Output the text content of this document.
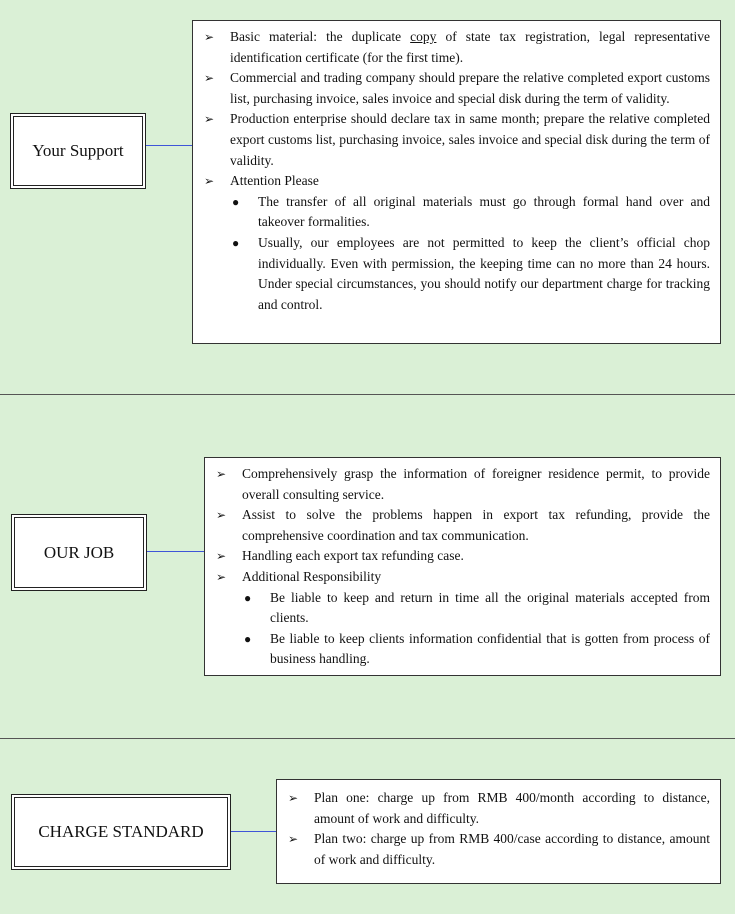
Your Support
➢ Basic material: the duplicate copy of state tax registration, legal representative identification certificate (for the first time).
➢ Commercial and trading company should prepare the relative completed export customs list, purchasing invoice, sales invoice and special disk during the term of validity.
➢ Production enterprise should declare tax in same month; prepare the relative completed export customs list, purchasing invoice, sales invoice and special disk during the term of validity.
➢ Attention Please
● The transfer of all original materials must go through formal hand over and takeover formalities.
● Usually, our employees are not permitted to keep the client’s official chop individually. Even with permission, the keeping time can no more than 24 hours. Under special circumstances, you should notify our department charge for tracking and control.
OUR JOB
➢ Comprehensively grasp the information of foreigner residence permit, to provide overall consulting service.
➢ Assist to solve the problems happen in export tax refunding, provide the comprehensive coordination and tax communication.
➢ Handling each export tax refunding case.
➢ Additional Responsibility
● Be liable to keep and return in time all the original materials accepted from clients.
● Be liable to keep clients information confidential that is gotten from process of business handling.
CHARGE STANDARD
➢ Plan one: charge up from RMB 400/month according to distance, amount of work and difficulty.
➢ Plan two: charge up from RMB 400/case according to distance, amount of work and difficulty.
